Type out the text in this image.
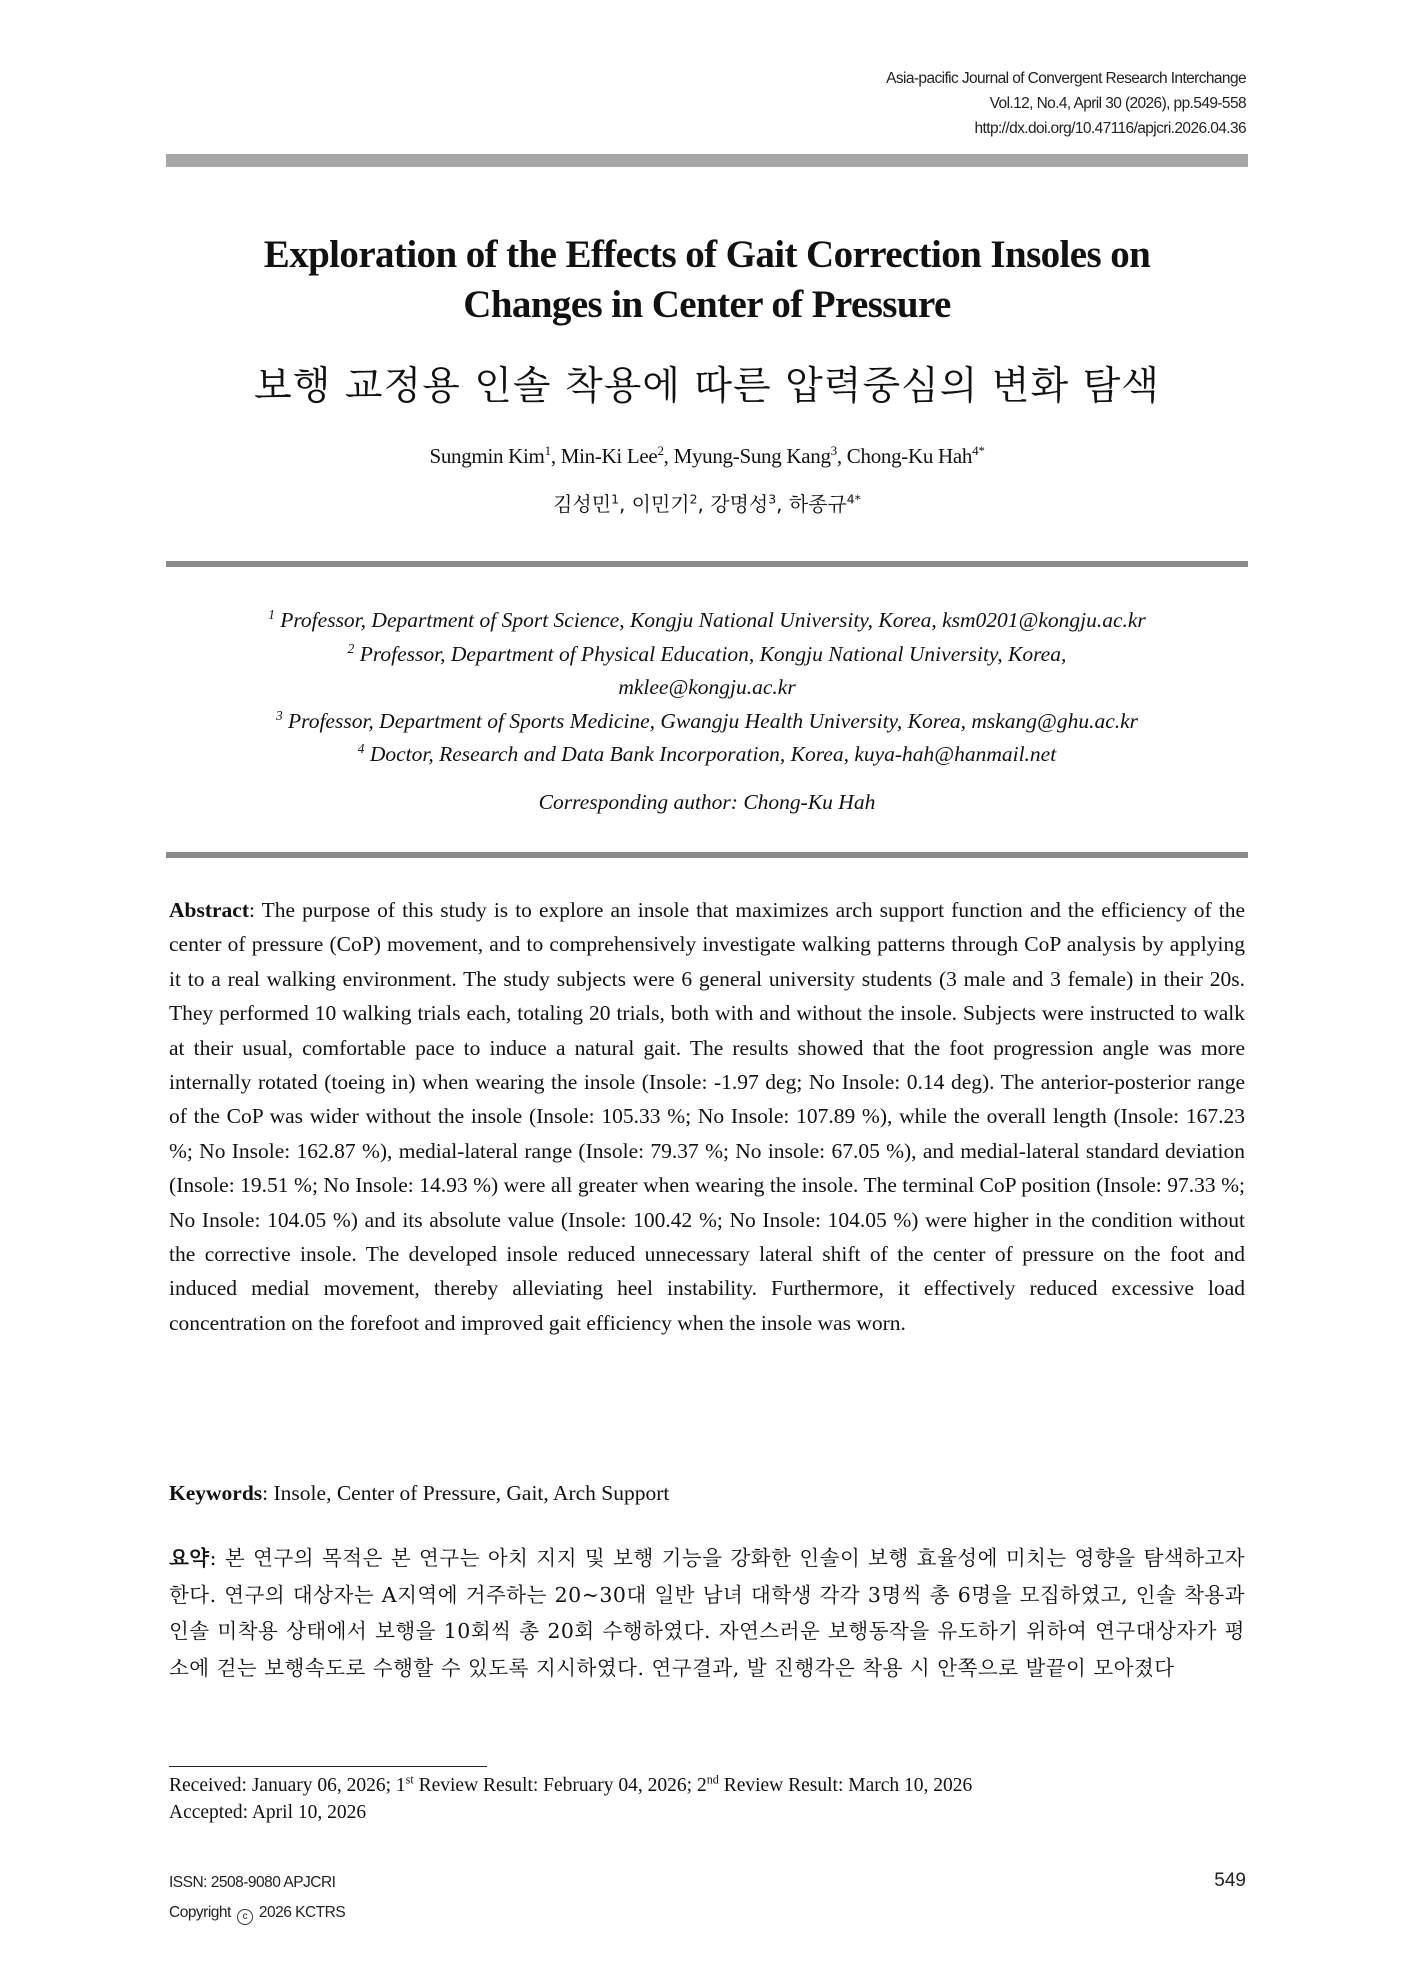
Asia-pacific Journal of Convergent Research Interchange
Vol.12, No.4, April 30 (2026), pp.549-558
http://dx.doi.org/10.47116/apjcri.2026.04.36
Exploration of the Effects of Gait Correction Insoles on
Changes in Center of Pressure
보행 교정용 인솔 착용에 따른 압력중심의 변화 탐색
Sungmin Kim$^1$, Min-Ki Lee$^2$, Myung-Sung Kang$^3$, Chong-Ku Hah$^{4*}$
김성민$^1$, 이민기$^2$, 강명성$^3$, 하종규$^{4*}$
$^1$ Professor, Department of Sport Science, Kongju National University, Korea, ksm0201@kongju.ac.kr
$^2$ Professor, Department of Physical Education, Kongju National University, Korea,
mklee@kongju.ac.kr
$^3$ Professor, Department of Sports Medicine, Gwangju Health University, Korea, mskang@ghu.ac.kr
$^4$ Doctor, Research and Data Bank Incorporation, Korea, kuya-hah@hanmail.net
Corresponding author: Chong-Ku Hah
Abstract: The purpose of this study is to explore an insole that maximizes arch support function and the efficiency of the center of pressure (CoP) movement, and to comprehensively investigate walking patterns through CoP analysis by applying it to a real walking environment. The study subjects were 6 general university students (3 male and 3 female) in their 20s. They performed 10 walking trials each, totaling 20 trials, both with and without the insole. Subjects were instructed to walk at their usual, comfortable pace to induce a natural gait. The results showed that the foot progression angle was more internally rotated (toeing in) when wearing the insole (Insole: -1.97 deg; No Insole: 0.14 deg). The anterior-posterior range of the CoP was wider without the insole (Insole: 105.33 %; No Insole: 107.89 %), while the overall length (Insole: 167.23 %; No Insole: 162.87 %), medial-lateral range (Insole: 79.37 %; No insole: 67.05 %), and medial-lateral standard deviation (Insole: 19.51 %; No Insole: 14.93 %) were all greater when wearing the insole. The terminal CoP position (Insole: 97.33 %; No Insole: 104.05 %) and its absolute value (Insole: 100.42 %; No Insole: 104.05 %) were higher in the condition without the corrective insole. The developed insole reduced unnecessary lateral shift of the center of pressure on the foot and induced medial movement, thereby alleviating heel instability. Furthermore, it effectively reduced excessive load concentration on the forefoot and improved gait efficiency when the insole was worn.
Keywords: Insole, Center of Pressure, Gait, Arch Support
요약: 본 연구의 목적은 본 연구는 아치 지지 및 보행 기능을 강화한 인솔이 보행 효율성에 미치는 영향을 탐색하고자 한다. 연구의 대상자는 A지역에 거주하는 20~30대 일반 남녀 대학생 각각 3명씩 총 6명을 모집하였고, 인솔 착용과 인솔 미착용 상태에서 보행을 10회씩 총 20회 수행하였다. 자연스러운 보행동작을 유도하기 위하여 연구대상자가 평소에 걷는 보행속도로 수행할 수 있도록 지시하였다. 연구결과, 발 진행각은 착용 시 안쪽으로 발끝이 모아졌다
Received: January 06, 2026; 1st Review Result: February 04, 2026; 2nd Review Result: March 10, 2026
Accepted: April 10, 2026
ISSN: 2508-9080 APJCRI
Copyright c 2026 KCTRS
549
